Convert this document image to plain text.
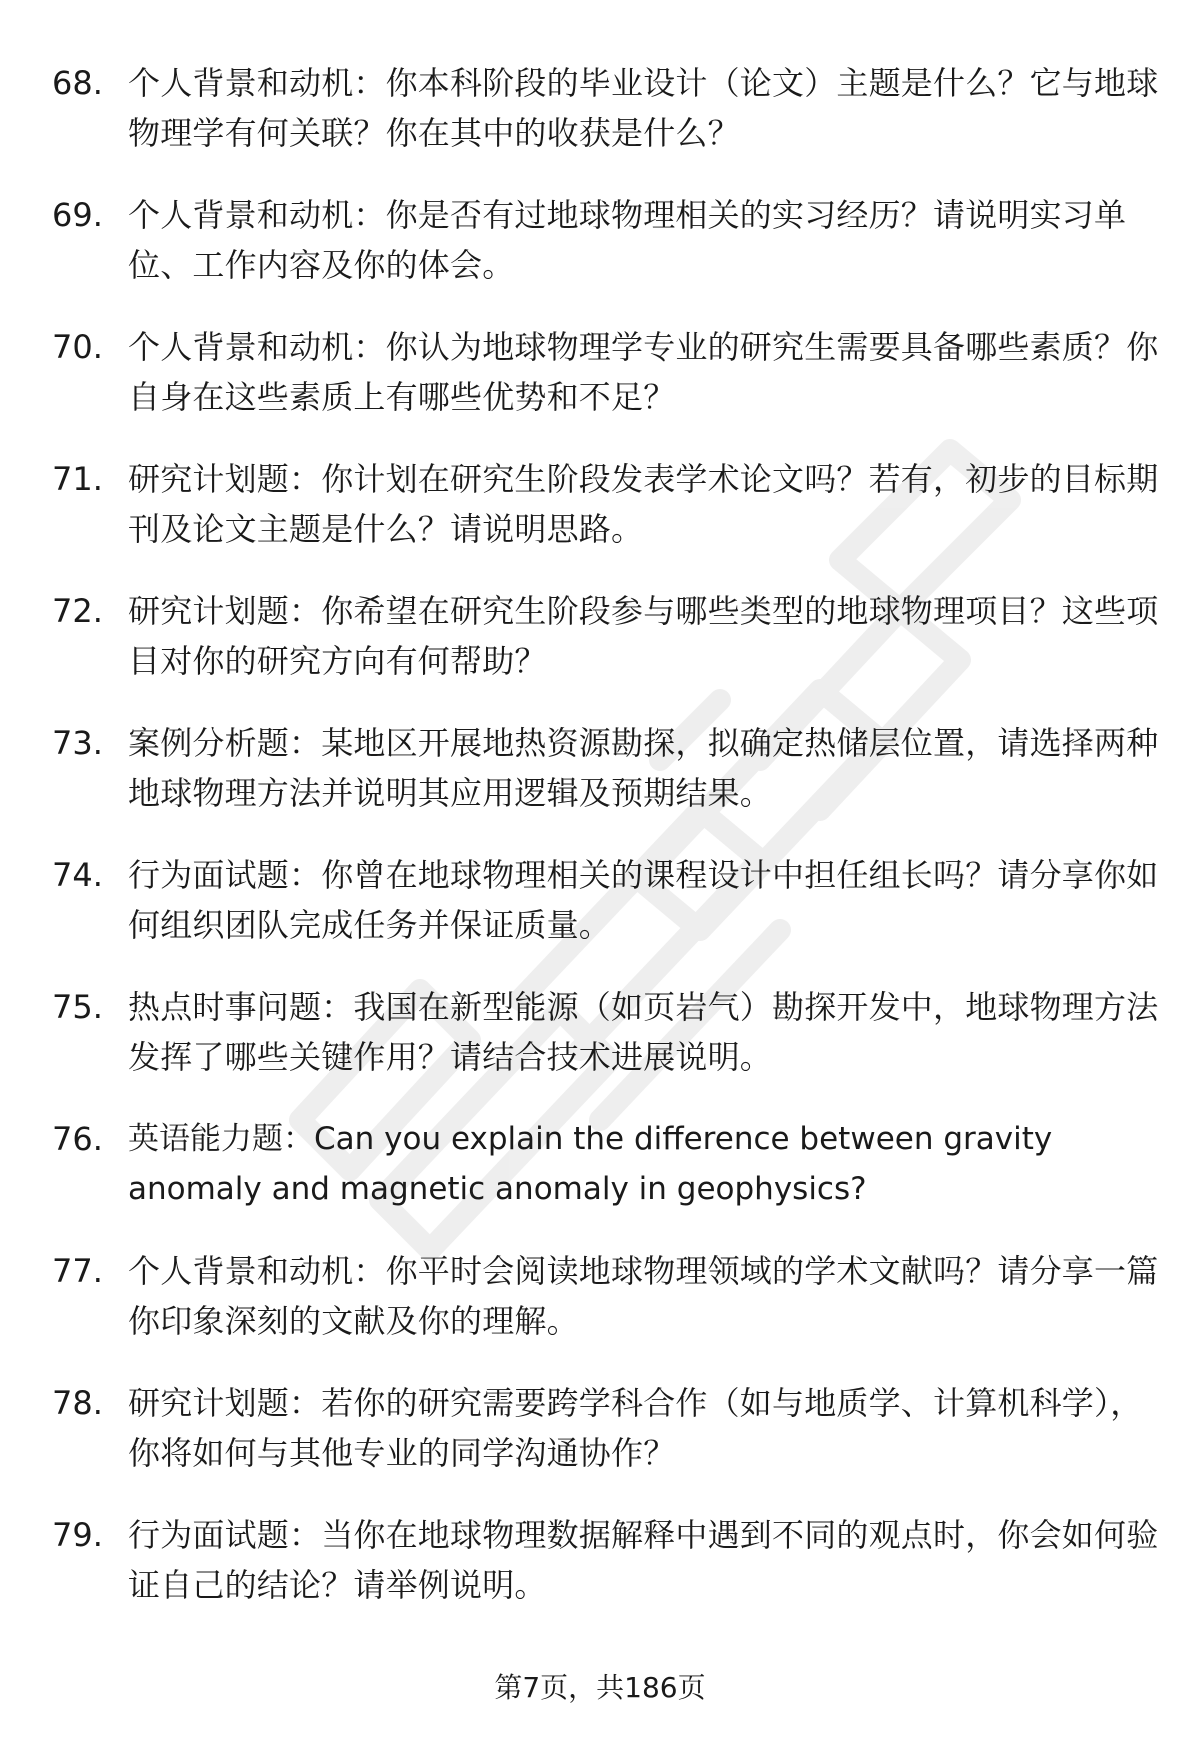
68. 个人背景和动机：你本科阶段的毕业设计（论文）主题是什么？它与地球物理学有何关联？你在其中的收获是什么？
69. 个人背景和动机：你是否有过地球物理相关的实习经历？请说明实习单位、工作内容及你的体会。
70. 个人背景和动机：你认为地球物理学专业的研究生需要具备哪些素质？你自身在这些素质上有哪些优势和不足？
71. 研究计划题：你计划在研究生阶段发表学术论文吗？若有，初步的目标期刊及论文主题是什么？请说明思路。
72. 研究计划题：你希望在研究生阶段参与哪些类型的地球物理项目？这些项目对你的研究方向有何帮助？
73. 案例分析题：某地区开展地热资源勘探，拟确定热储层位置，请选择两种地球物理方法并说明其应用逻辑及预期结果。
74. 行为面试题：你曾在地球物理相关的课程设计中担任组长吗？请分享你如何组织团队完成任务并保证质量。
75. 热点时事问题：我国在新型能源（如页岩气）勘探开发中，地球物理方法发挥了哪些关键作用？请结合技术进展说明。
76. 英语能力题：Can you explain the difference between gravity anomaly and magnetic anomaly in geophysics?
77. 个人背景和动机：你平时会阅读地球物理领域的学术文献吗？请分享一篇你印象深刻的文献及你的理解。
78. 研究计划题：若你的研究需要跨学科合作（如与地质学、计算机科学），你将如何与其他专业的同学沟通协作？
79. 行为面试题：当你在地球物理数据解释中遇到不同的观点时，你会如何验证自己的结论？请举例说明。
第7页，共186页
